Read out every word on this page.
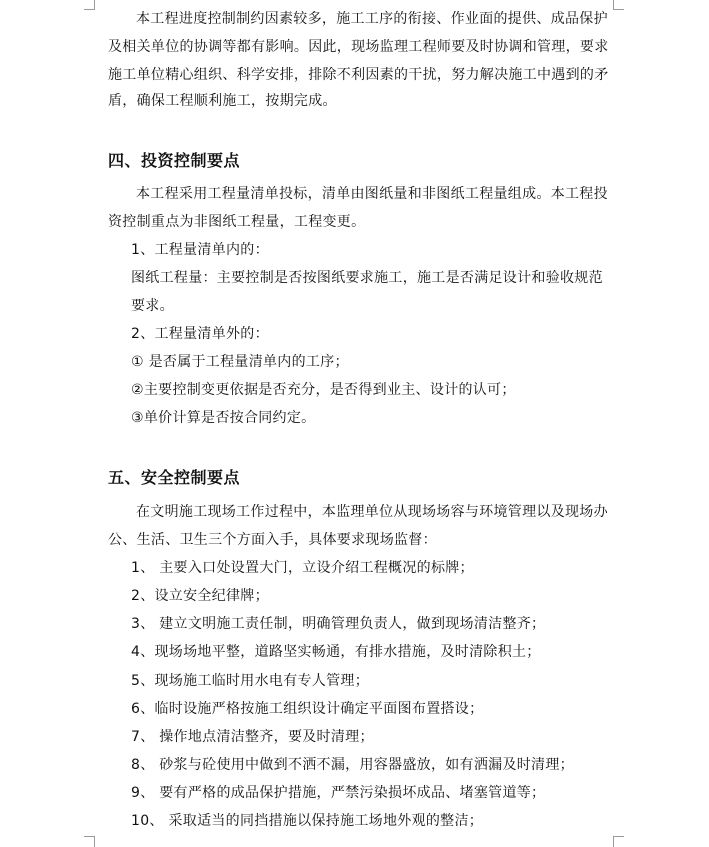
本工程进度控制制约因素较多，施工工序的衔接、作业面的提供、成品保护
及相关单位的协调等都有影响。因此，现场监理工程师要及时协调和管理，要求
施工单位精心组织、科学安排，排除不利因素的干扰，努力解决施工中遇到的矛
盾，确保工程顺利施工，按期完成。
四、投资控制要点
本工程采用工程量清单投标，清单由图纸量和非图纸工程量组成。本工程投
资控制重点为非图纸工程量，工程变更。
1、工程量清单内的：
图纸工程量：主要控制是否按图纸要求施工，施工是否满足设计和验收规范
要求。
2、工程量清单外的：
① 是否属于工程量清单内的工序；
②主要控制变更依据是否充分，是否得到业主、设计的认可；
③单价计算是否按合同约定。
五、安全控制要点
在文明施工现场工作过程中，本监理单位从现场场容与环境管理以及现场办
公、生活、卫生三个方面入手，具体要求现场监督：
1、 主要入口处设置大门，立设介绍工程概况的标牌；
2、设立安全纪律牌；
3、 建立文明施工责任制，明确管理负责人，做到现场清洁整齐；
4、现场场地平整，道路坚实畅通，有排水措施，及时清除积土；
5、现场施工临时用水电有专人管理；
6、临时设施严格按施工组织设计确定平面图布置搭设；
7、 操作地点清洁整齐，要及时清理；
8、 砂浆与砼使用中做到不洒不漏，用容器盛放，如有洒漏及时清理；
9、 要有严格的成品保护措施，严禁污染损坏成品、堵塞管道等；
10、 采取适当的同挡措施以保持施工场地外观的整洁；
